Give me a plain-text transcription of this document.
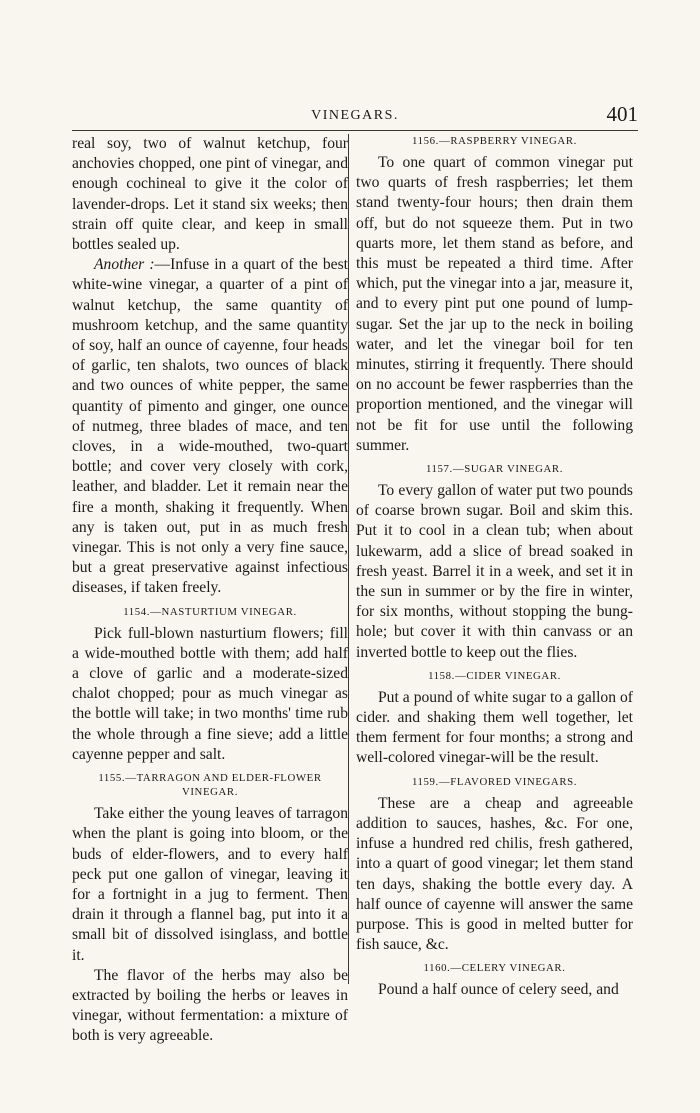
VINEGARS.	401

real soy, two of walnut ketchup, four anchovies chopped, one pint of vinegar, and enough cochineal to give it the color of lavender-drops. Let it stand six weeks; then strain off quite clear, and keep in small bottles sealed up.

Another :—Infuse in a quart of the best white-wine vinegar, a quarter of a pint of walnut ketchup, the same quantity of mushroom ketchup, and the same quantity of soy, half an ounce of cayenne, four heads of garlic, ten shalots, two ounces of black and two ounces of white pepper, the same quantity of pimento and ginger, one ounce of nutmeg, three blades of mace, and ten cloves, in a wide-mouthed, two-quart bottle; and cover very closely with cork, leather, and bladder. Let it remain near the fire a month, shaking it frequently. When any is taken out, put in as much fresh vinegar. This is not only a very fine sauce, but a great preservative against infectious diseases, if taken freely.

1154.—NASTURTIUM VINEGAR.

Pick full-blown nasturtium flowers; fill a wide-mouthed bottle with them; add half a clove of garlic and a moderate-sized chalot chopped; pour as much vinegar as the bottle will take; in two months' time rub the whole through a fine sieve; add a little cayenne pepper and salt.

1155.—TARRAGON AND ELDER-FLOWER VINEGAR.

Take either the young leaves of tarragon when the plant is going into bloom, or the buds of elder-flowers, and to every half peck put one gallon of vinegar, leaving it for a fortnight in a jug to ferment. Then drain it through a flannel bag, put into it a small bit of dissolved isinglass, and bottle it.

The flavor of the herbs may also be extracted by boiling the herbs or leaves in vinegar, without fermentation: a mixture of both is very agreeable.

1156.—RASPBERRY VINEGAR.

To one quart of common vinegar put two quarts of fresh raspberries; let them stand twenty-four hours; then drain them off, but do not squeeze them. Put in two quarts more, let them stand as before, and this must be repeated a third time. After which, put the vinegar into a jar, measure it, and to every pint put one pound of lump-sugar. Set the jar up to the neck in boiling water, and let the vinegar boil for ten minutes, stirring it frequently. There should on no account be fewer raspberries than the proportion mentioned, and the vinegar will not be fit for use until the following summer.

1157.—SUGAR VINEGAR.

To every gallon of water put two pounds of coarse brown sugar. Boil and skim this. Put it to cool in a clean tub; when about lukewarm, add a slice of bread soaked in fresh yeast. Barrel it in a week, and set it in the sun in summer or by the fire in winter, for six months, without stopping the bung-hole; but cover it with thin canvass or an inverted bottle to keep out the flies.

1158.—CIDER VINEGAR.

Put a pound of white sugar to a gallon of cider. and shaking them well together, let them ferment for four months; a strong and well-colored vinegar-will be the result.

1159.—FLAVORED VINEGARS.

These are a cheap and agreeable addition to sauces, hashes, &c. For one, infuse a hundred red chilis, fresh gathered, into a quart of good vinegar; let them stand ten days, shaking the bottle every day. A half ounce of cayenne will answer the same purpose. This is good in melted butter for fish sauce, &c.

1160.—CELERY VINEGAR.

Pound a half ounce of celery seed, and
